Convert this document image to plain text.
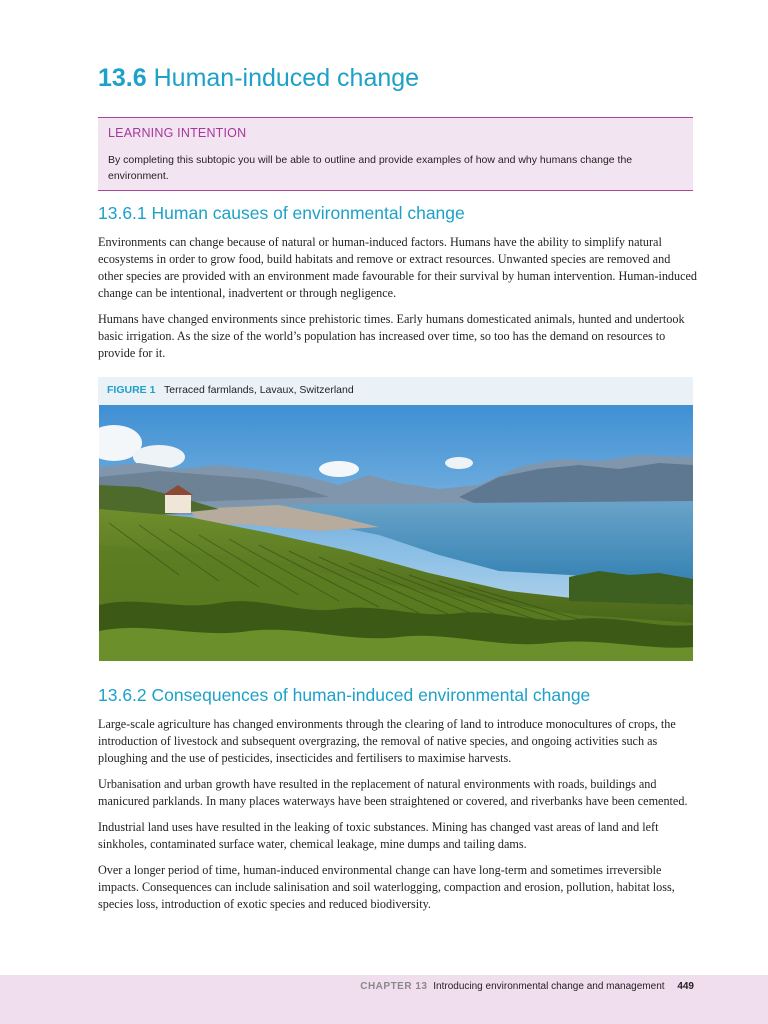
13.6 Human-induced change
LEARNING INTENTION
By completing this subtopic you will be able to outline and provide examples of how and why humans change the environment.
13.6.1 Human causes of environmental change

Environments can change because of natural or human-induced factors. Humans have the ability to simplify natural ecosystems in order to grow food, build habitats and remove or extract resources. Unwanted species are removed and other species are provided with an environment made favourable for their survival by human intervention. Human-induced change can be intentional, inadvertent or through negligence.

Humans have changed environments since prehistoric times. Early humans domesticated animals, hunted and undertook basic irrigation. As the size of the world’s population has increased over time, so too has the demand on resources to provide for it.

FIGURE 1 Terraced farmlands, Lavaux, Switzerland
13.6.2 Consequences of human-induced environmental change

Large-scale agriculture has changed environments through the clearing of land to introduce monocultures of crops, the introduction of livestock and subsequent overgrazing, the removal of native species, and ongoing activities such as ploughing and the use of pesticides, insecticides and fertilisers to maximise harvests.

Urbanisation and urban growth have resulted in the replacement of natural environments with roads, buildings and manicured parklands. In many places waterways have been straightened or covered, and riverbanks have been cemented.

Industrial land uses have resulted in the leaking of toxic substances. Mining has changed vast areas of land and left sinkholes, contaminated surface water, chemical leakage, mine dumps and tailing dams.

Over a longer period of time, human-induced environmental change can have long-term and sometimes irreversible impacts. Consequences can include salinisation and soil waterlogging, compaction and erosion, pollution, habitat loss, species loss, introduction of exotic species and reduced biodiversity.

CHAPTER 13 Introducing environmental change and management 449
